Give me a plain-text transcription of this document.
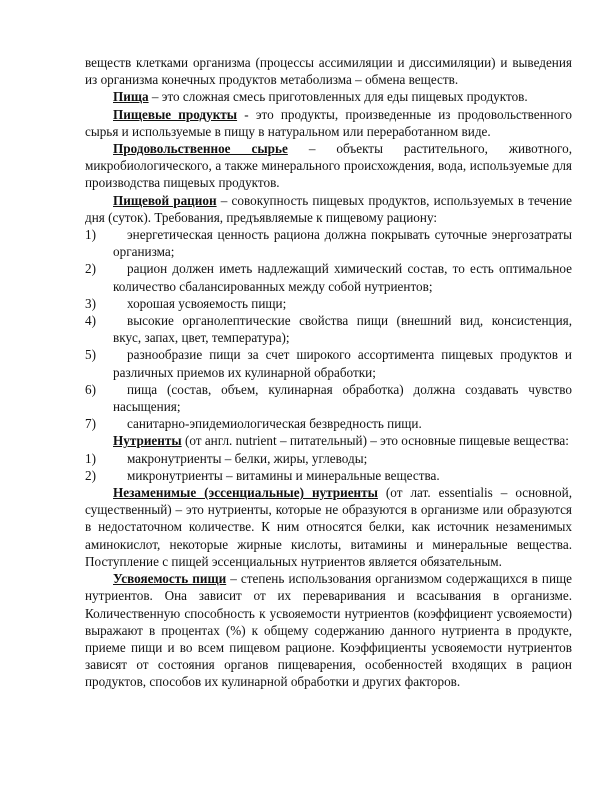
веществ клетками организма (процессы ассимиляции и диссимиляции) и выведения из организма конечных продуктов метаболизма – обмена веществ.

Пища – это сложная смесь приготовленных для еды пищевых продуктов.

Пищевые продукты - это продукты, произведенные из продовольственного сырья и используемые в пищу в натуральном или переработанном виде.

Продовольственное сырье – объекты растительного, животного, микробиологического, а также минерального происхождения, вода, используемые для производства пищевых продуктов.

Пищевой рацион – совокупность пищевых продуктов, используемых в течение дня (суток). Требования, предъявляемые к пищевому рациону:

1)	энергетическая ценность рациона должна покрывать суточные энергозатраты организма;
2)	рацион должен иметь надлежащий химический состав, то есть оптимальное количество сбалансированных между собой нутриентов;
3)	хорошая усвояемость пищи;
4)	высокие органолептические свойства пищи (внешний вид, консистенция, вкус, запах, цвет, температура);
5)	разнообразие пищи за счет широкого ассортимента пищевых продуктов и различных приемов их кулинарной обработки;
6)	пища (состав, объем, кулинарная обработка) должна создавать чувство насыщения;
7)	санитарно-эпидемиологическая безвредность пищи.

Нутриенты (от англ. nutrient – питательный) – это основные пищевые вещества:

1)	макронутриенты – белки, жиры, углеводы;
2)	микронутриенты – витамины и минеральные вещества.

Незаменимые (эссенциальные) нутриенты (от лат. essentialis – основной, существенный) – это нутриенты, которые не образуются в организме или образуются в недостаточном количестве. К ним относятся белки, как источник незаменимых аминокислот, некоторые жирные кислоты, витамины и минеральные вещества. Поступление с пищей эссенциальных нутриентов является обязательным.

Усвояемость пищи – степень использования организмом содержащихся в пище нутриентов. Она зависит от их переваривания и всасывания в организме. Количественную способность к усвояемости нутриентов (коэффициент усвояемости) выражают в процентах (%) к общему содержанию данного нутриента в продукте, приеме пищи и во всем пищевом рационе. Коэффициенты усвояемости нутриентов зависят от состояния органов пищеварения, особенностей входящих в рацион продуктов, способов их кулинарной обработки и других факторов.
